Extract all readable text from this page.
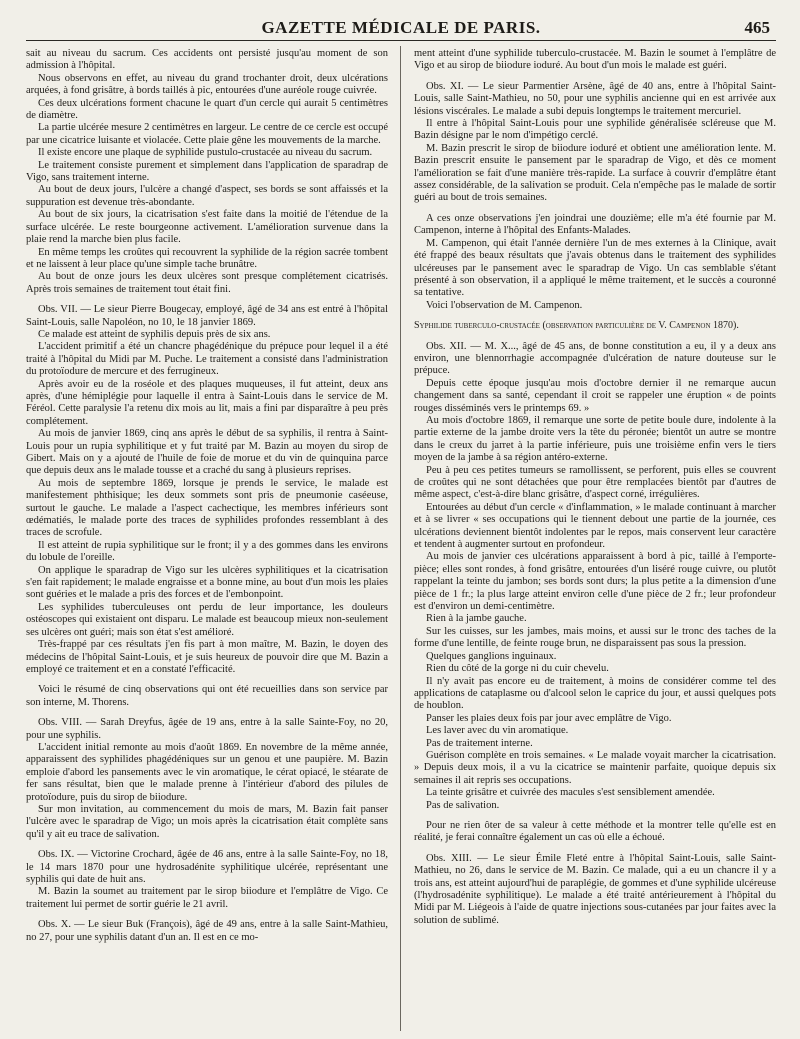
GAZETTE MÉDICALE DE PARIS.	465

sait au niveau du sacrum. Ces accidents ont persisté jusqu'au moment de son admission à l'hôpital.

Nous observons en effet, au niveau du grand trochanter droit, deux ulcérations arquées, à fond grisâtre, à bords taillés à pic, entourées d'une auréole rouge cuivrée.

Ces deux ulcérations forment chacune le quart d'un cercle qui aurait 5 centimètres de diamètre.

La partie ulcérée mesure 2 centimètres en largeur. Le centre de ce cercle est occupé par une cicatrice luisante et violacée. Cette plaie gêne les mouvements de la marche.

Il existe encore une plaque de syphilide pustulo-crustacée au niveau du sacrum.

Le traitement consiste purement et simplement dans l'application de sparadrap de Vigo, sans traitement interne.

Au bout de deux jours, l'ulcère a changé d'aspect, ses bords se sont affaissés et la suppuration est devenue très-abondante.

Au bout de six jours, la cicatrisation s'est faite dans la moitié de l'étendue de la surface ulcérée. Le reste bourgeonne activement. L'amélioration survenue dans la plaie rend la marche bien plus facile.

En même temps les croûtes qui recouvrent la syphilide de la région sacrée tombent et ne laissent à leur place qu'une simple tache brunâtre.

Au bout de onze jours les deux ulcères sont presque complétement cicatrisés. Après trois semaines de traitement tout était fini.

Obs. VII. — Le sieur Pierre Bougecay, employé, âgé de 34 ans est entré à l'hôpital Saint-Louis, salle Napoléon, no 10, le 18 janvier 1869.

Ce malade est atteint de syphilis depuis près de six ans.

L'accident primitif a été un chancre phagédénique du prépuce pour lequel il a été traité à l'hôpital du Midi par M. Puche. Le traitement a consisté dans l'administration du protoïodure de mercure et des ferrugineux.

Après avoir eu de la roséole et des plaques muqueuses, il fut atteint, deux ans après, d'une hémiplégie pour laquelle il entra à Saint-Louis dans le service de M. Féréol. Cette paralysie l'a retenu dix mois au lit, mais a fini par disparaître à peu près complétement.

Au mois de janvier 1869, cinq ans après le début de sa syphilis, il rentra à Saint-Louis pour un rupia syphilitique et y fut traité par M. Bazin au moyen du sirop de Gibert. Mais on y a ajouté de l'huile de foie de morue et du vin de quinquina parce que depuis deux ans le malade tousse et a craché du sang à plusieurs reprises.

Au mois de septembre 1869, lorsque je prends le service, le malade est manifestement phthisique; les deux sommets sont pris de pneumonie caséeuse, surtout le gauche. Le malade a l'aspect cachectique, les membres inférieurs sont œdématiés, le malade porte des traces de syphilides profondes ressemblant à des traces de scrofule.

Il est atteint de rupia syphilitique sur le front; il y a des gommes dans les environs du lobule de l'oreille.

On applique le sparadrap de Vigo sur les ulcères syphilitiques et la cicatrisation s'en fait rapidement; le malade engraisse et a bonne mine, au bout d'un mois les plaies sont guéries et le malade a pris des forces et de l'embonpoint.

Les syphilides tuberculeuses ont perdu de leur importance, les douleurs ostéoscopes qui existaient ont disparu. Le malade est beaucoup mieux non-seulement ses ulcères ont guéri; mais son état s'est amélioré.

Très-frappé par ces résultats j'en fis part à mon maître, M. Bazin, le doyen des médecins de l'hôpital Saint-Louis, et je suis heureux de pouvoir dire que M. Bazin a employé ce traitement et en a constaté l'efficacité.

Voici le résumé de cinq observations qui ont été recueillies dans son service par son interne, M. Thorens.

Obs. VIII. — Sarah Dreyfus, âgée de 19 ans, entre à la salle Sainte-Foy, no 20, pour une syphilis.

L'accident initial remonte au mois d'août 1869. En novembre de la même année, apparaissent des syphilides phagédéniques sur un genou et une paupière. M. Bazin emploie d'abord les pansements avec le vin aromatique, le cérat opiacé, le stéarate de fer sans résultat, bien que le malade prenne à l'intérieur d'abord des pilules de protoïodure, puis du sirop de biiodure.

Sur mon invitation, au commencement du mois de mars, M. Bazin fait panser l'ulcère avec le sparadrap de Vigo; un mois après la cicatrisation était complète sans qu'il y ait eu trace de salivation.

Obs. IX. — Victorine Crochard, âgée de 46 ans, entre à la salle Sainte-Foy, no 18, le 14 mars 1870 pour une hydrosadénite syphilitique ulcérée, représentant une syphilis qui date de huit ans.

M. Bazin la soumet au traitement par le sirop biiodure et l'emplâtre de Vigo. Ce traitement lui permet de sortir guérie le 21 avril.

Obs. X. — Le sieur Buk (François), âgé de 49 ans, entre à la salle Saint-Mathieu, no 27, pour une syphilis datant d'un an. Il est en ce mo-

ment atteint d'une syphilide tuberculo-crustacée. M. Bazin le soumet à l'emplâtre de Vigo et au sirop de biiodure ioduré. Au bout d'un mois le malade est guéri.

Obs. XI. — Le sieur Parmentier Arsène, âgé de 40 ans, entre à l'hôpital Saint-Louis, salle Saint-Mathieu, no 50, pour une syphilis ancienne qui en est arrivée aux lésions viscérales. Le malade a subi depuis longtemps le traitement mercuriel.

Il entre à l'hôpital Saint-Louis pour une syphilide généralisée scléreuse que M. Bazin désigne par le nom d'impétigo cerclé.

M. Bazin prescrit le sirop de biiodure ioduré et obtient une amélioration lente. M. Bazin prescrit ensuite le pansement par le sparadrap de Vigo, et dès ce moment l'amélioration se fait d'une manière très-rapide. La surface à couvrir d'emplâtre étant assez considérable, de la salivation se produit. Cela n'empêche pas le malade de sortir guéri au bout de trois semaines.

A ces onze observations j'en joindrai une douzième; elle m'a été fournie par M. Campenon, interne à l'hôpital des Enfants-Malades.

M. Campenon, qui était l'année dernière l'un de mes externes à la Clinique, avait été frappé des beaux résultats que j'avais obtenus dans le traitement des syphilides ulcéreuses par le pansement avec le sparadrap de Vigo. Un cas semblable s'étant présenté à son observation, il a appliqué le même traitement, et le succès a couronné sa tentative.

Voici l'observation de M. Campenon.

Syphilide tuberculo-crustacée (observation particulière de V. Campenon 1870).

Obs. XII. — M. X..., âgé de 45 ans, de bonne constitution a eu, il y a deux ans environ, une blennorrhagie accompagnée d'ulcération de nature douteuse sur le prépuce.

Depuis cette époque jusqu'au mois d'octobre dernier il ne remarque aucun changement dans sa santé, cependant il croit se rappeler une éruption « de points rouges disséminés vers le printemps 69. »

Au mois d'octobre 1869, il remarque une sorte de petite boule dure, indolente à la partie externe de la jambe droite vers la tête du péronée; bientôt un autre se montre dans le creux du jarret à la partie inférieure, puis une troisième enfin vers le tiers moyen de la jambe à sa région antéro-externe.

Peu à peu ces petites tumeurs se ramollissent, se perforent, puis elles se couvrent de croûtes qui ne sont détachées que pour être remplacées bientôt par d'autres de même aspect, c'est-à-dire blanc grisâtre, d'aspect corné, irrégulières.

Entourées au début d'un cercle « d'inflammation, » le malade continuant à marcher et à se livrer « ses occupations qui le tiennent debout une partie de la journée, ces ulcérations deviennent bientôt indolentes par le repos, mais conservent leur caractère et tendent à augmenter surtout en profondeur.

Au mois de janvier ces ulcérations apparaissent à bord à pic, taillé à l'emporte-pièce; elles sont rondes, à fond grisâtre, entourées d'un liséré rouge cuivre, ou plutôt rappelant la teinte du jambon; ses bords sont durs; la plus petite a la dimension d'une pièce de 1 fr.; la plus large atteint environ celle d'une pièce de 2 fr.; leur profondeur est d'environ un demi-centimètre.

Rien à la jambe gauche.

Sur les cuisses, sur les jambes, mais moins, et aussi sur le tronc des taches de la forme d'une lentille, de feinte rouge brun, ne disparaissent pas sous la pression.

Quelques ganglions inguinaux.

Rien du côté de la gorge ni du cuir chevelu.

Il n'y avait pas encore eu de traitement, à moins de considérer comme tel des applications de cataplasme ou d'alcool selon le caprice du jour, et aussi quelques pots de houblon.

Panser les plaies deux fois par jour avec emplâtre de Vigo.

Les laver avec du vin aromatique.

Pas de traitement interne.

Guérison complète en trois semaines. « Le malade voyait marcher la cicatrisation. » Depuis deux mois, il a vu la cicatrice se maintenir parfaite, quoique depuis six semaines il ait repris ses occupations.

La teinte grisâtre et cuivrée des macules s'est sensiblement amendée.

Pas de salivation.

Pour ne rien ôter de sa valeur à cette méthode et la montrer telle qu'elle est en réalité, je ferai connaître également un cas où elle a échoué.

Obs. XIII. — Le sieur Émile Fleté entre à l'hôpital Saint-Louis, salle Saint-Mathieu, no 26, dans le service de M. Bazin. Ce malade, qui a eu un chancre il y a trois ans, est atteint aujourd'hui de paraplégie, de gommes et d'une syphilide ulcéreuse (l'hydrosadénite syphilitique). Le malade a été traité antérieurement à l'hôpital du Midi par M. Liégeois à l'aide de quatre injections sous-cutanées par jour faites avec la solution de sublimé.
